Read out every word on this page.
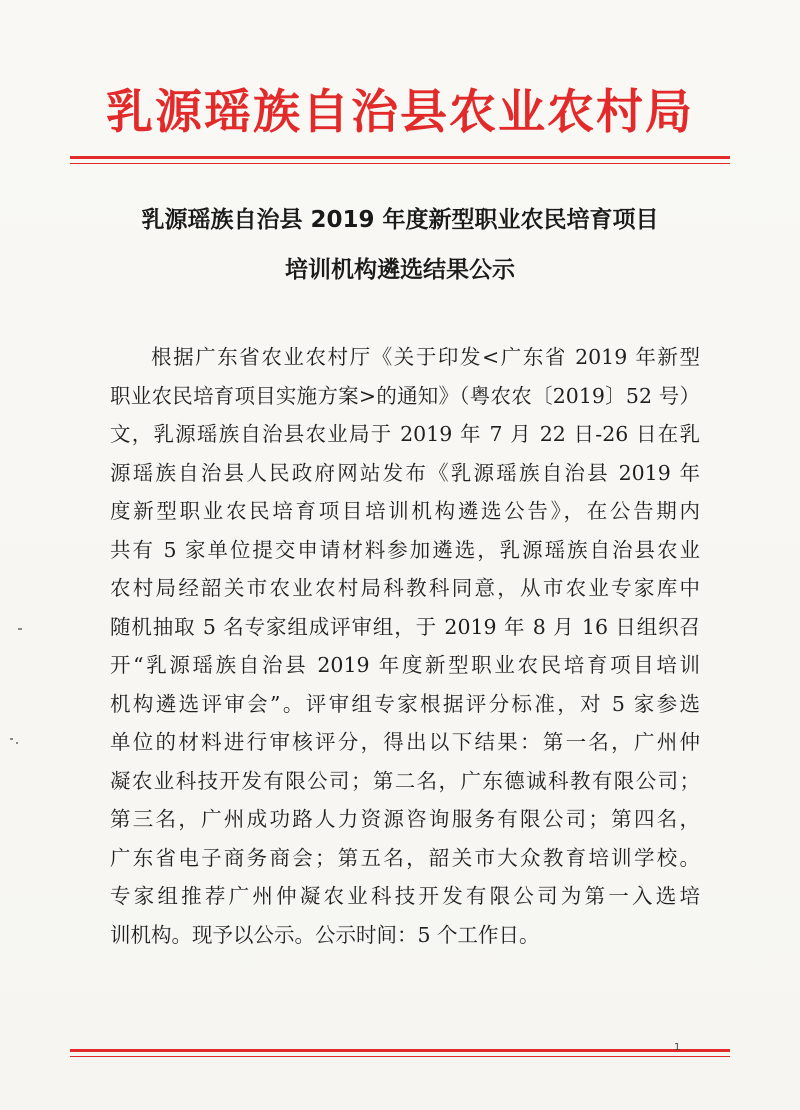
乳源瑶族自治县农业农村局
乳源瑶族自治县 2019 年度新型职业农民培育项目
培训机构遴选结果公示
根据广东省农业农村厅《关于印发<广东省 2019 年新型
职业农民培育项目实施方案>的通知》（粤农农〔2019〕52 号）
文，乳源瑶族自治县农业局于 2019 年 7 月 22 日-26 日在乳
源瑶族自治县人民政府网站发布《乳源瑶族自治县 2019 年
度新型职业农民培育项目培训机构遴选公告》，在公告期内
共有 5 家单位提交申请材料参加遴选，乳源瑶族自治县农业
农村局经韶关市农业农村局科教科同意，从市农业专家库中
随机抽取 5 名专家组成评审组，于 2019 年 8 月 16 日组织召
开“乳源瑶族自治县 2019 年度新型职业农民培育项目培训
机构遴选评审会”。评审组专家根据评分标准，对 5 家参选
单位的材料进行审核评分，得出以下结果：第一名，广州仲
凝农业科技开发有限公司；第二名，广东德诚科教有限公司；
第三名，广州成功路人力资源咨询服务有限公司；第四名，
广东省电子商务商会；第五名，韶关市大众教育培训学校。
专家组推荐广州仲凝农业科技开发有限公司为第一入选培
训机构。现予以公示。公示时间：5 个工作日。
1
